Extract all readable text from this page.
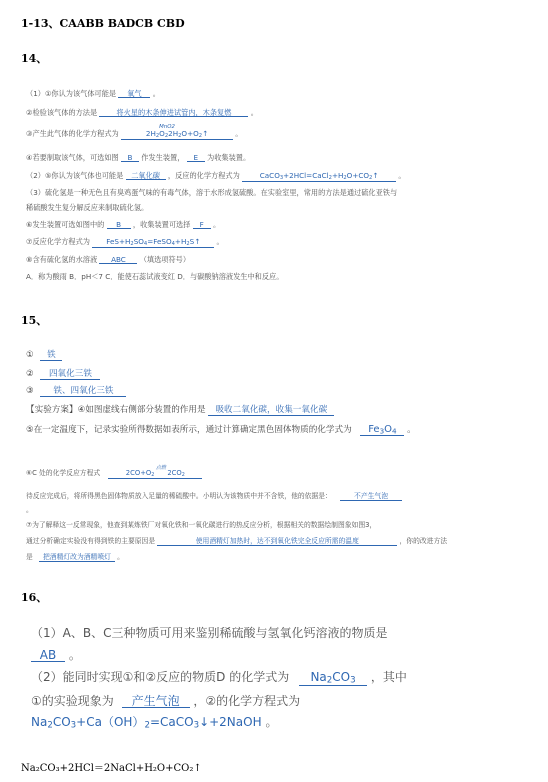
1-13、CAABB BADCB CBD
14、
（1）①你认为该气体可能是 氧气 。
②检验该气体的方法是	将火星的木条伸进试管内，木条复燃	。
③产生此气体的化学方程式为	$2H_2O_2$
MnO2
$2H_2O+O_2↑$	。
④若要制取该气体，可选如图 B 作发生装置， E 为收集装置。
（2）⑤你认为该气体也可能是 二氧化碳 ，反应的化学方程式为	$CaCO_3+2HCl=CaCl_2+H_2O+CO_2↑$	。
（3）硫化氢是一种无色且有臭鸡蛋气味的有毒气体，溶于水形成氢硫酸。在实验室里，常用的方法是通过硫化亚铁与
稀硫酸发生复分解反应来制取硫化氢。
⑥发生装置可选如图中的 B ，收集装置可选择 F 。
⑦反应化学方程式为 $FeS+H_2SO_4=FeSO_4+H_2S↑$ 。
⑧含有硫化氢的水溶液 ABC （填选项符号）
A．称为酸雨 B．pH＜7 C．能使石蕊试液变红 D．与碳酸钠溶液发生中和反应。
15、
① 铁
② 四氧化三铁
③ 铁、四氧化三铁
【实验方案】④如图虚线右侧部分装置的作用是 吸收二氧化碳，收集一氧化碳
⑤在一定温度下，记录实验所得数据如表所示，通过计算确定黑色固体物质的化学式为 $Fe_3O_4$ 。
⑥C 处的化学反应方程式	$2CO+O_2$
点燃
$2CO_2$
待反应完成后，将所得黑色固体物质放入足量的稀硫酸中。小明认为该物质中并不含铁，他的依据是：	不产生气泡
。
⑦为了解释这一反常现象，他查到某炼铁厂对氧化铁和一氧化碳进行的热反应分析，根据相关的数据绘制图象如图3，
通过分析确定实验没有得到铁的主要原因是	使用酒精灯加热时，达不到氧化铁完全反应所需的温度	，你的改进方法
是 把酒精灯改为酒精喷灯 。
16、
（1）A、B、C三种物质可用来鉴别稀硫酸与氢氧化钙溶液的物质是
AB 。
（2）能同时实现①和②反应的物质D 的化学式为 $Na_2CO_3$ ，其中
①的实验现象为 产生气泡 ，②的化学方程式为
$Na_2CO_3+Ca(OH)_2=CaCO_3↓+2NaOH$ 。
Na₂CO₃+2HCl＝2NaCl+H₂O+CO₂↑
